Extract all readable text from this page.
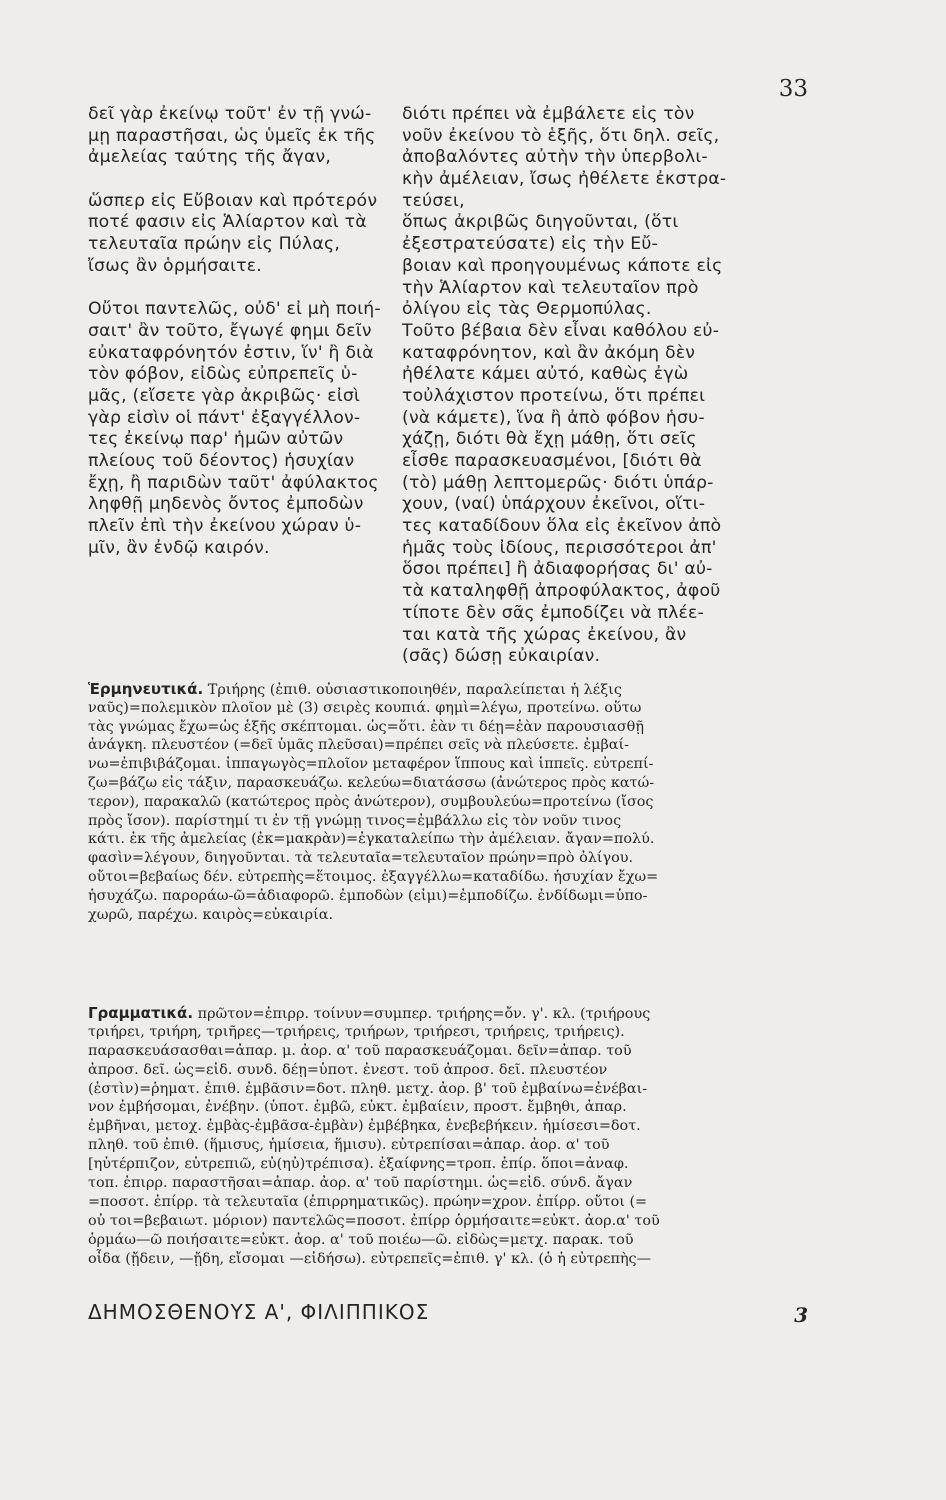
33
δεῖ γὰρ ἐκείνῳ τοῦτ' ἐν τῇ γνώ-
μῃ παραστῆσαι, ὡς ὑμεῖς ἐκ τῆς
ἀμελείας ταύτης τῆς ἄγαν,
ὥσπερ εἰς Εὔβοιαν καὶ πρότερόν
ποτέ φασιν εἰς Ἁλίαρτον καὶ τὰ
τελευταῖα πρώην εἰς Πύλας,
ἴσως ἂν ὁρμήσαιτε.
Οὔτοι παντελῶς, οὐδ' εἰ μὴ ποιή-
σαιτ' ἂν τοῦτο, ἔγωγέ φημι δεῖν
εὐκαταφρόνητόν ἐστιν, ἵν' ἢ διὰ
τὸν φόβον, εἰδὼς εὐπρεπεῖς ὑ-
μᾶς, (εἴσετε γὰρ ἀκριβῶς· εἰσὶ
γὰρ εἰσὶν οἱ πάντ' ἐξαγγέλλον-
τες ἐκείνῳ παρ' ἡμῶν αὐτῶν
πλείους τοῦ δέοντος) ἡσυχίαν
ἔχῃ, ἢ παριδὼν ταῦτ' ἀφύλακτος
ληφθῇ μηδενὸς ὄντος ἐμποδὼν
πλεῖν ἐπὶ τὴν ἐκείνου χώραν ὑ-
μῖν, ἂν ἐνδῷ καιρόν.
διότι πρέπει νὰ ἐμβάλετε εἰς τὸν
νοῦν ἐκείνου τὸ ἑξῆς, ὅτι δηλ. σεῖς,
ἀποβαλόντες αὐτὴν τὴν ὑπερβολι-
κὴν ἀμέλειαν, ἴσως ἠθέλετε ἐκστρα-
τεύσει,
ὅπως ἀκριβῶς διηγοῦνται, (ὅτι
ἐξεστρατεύσατε) εἰς τὴν Εὔ-
βοιαν καὶ προηγουμένως κάποτε εἰς
τὴν Ἁλίαρτον καὶ τελευταῖον πρὸ
ὀλίγου εἰς τὰς Θερμοπύλας.
Τοῦτο βέβαια δὲν εἶναι καθόλου εὐ-
καταφρόνητον, καὶ ἂν ἀκόμη δὲν
ἠθέλατε κάμει αὐτό, καθὼς ἐγὼ
τοὐλάχιστον προτείνω, ὅτι πρέπει
(νὰ κάμετε), ἵνα ἢ ἀπὸ φόβον ἡσυ-
χάζῃ, διότι θὰ ἔχῃ μάθῃ, ὅτι σεῖς
εἶσθε παρασκευασμένοι, [διότι θὰ
(τὸ) μάθῃ λεπτομερῶς· διότι ὑπάρ-
χουν, (ναί) ὑπάρχουν ἐκεῖνοι, οἵτι-
τες καταδίδουν ὅλα εἰς ἐκεῖνον ἀπὸ
ἡμᾶς τοὺς ἰδίους, περισσότεροι ἀπ'
ὅσοι πρέπει] ἢ ἀδιαφορήσας δι' αὐ-
τὰ καταληφθῇ ἀπροφύλακτος, ἀφοῦ
τίποτε δὲν σᾶς ἐμποδίζει νὰ πλέε-
ται κατὰ τῆς χώρας ἐκείνου, ἂν
(σᾶς) δώσῃ εὐκαιρίαν.
Ἑρμηνευτικά. Τριήρης (ἐπιθ. οὐσιαστικοποιηθέν, παραλείπεται ἡ λέξις
ναῦς)=πολεμικὸν πλοῖον μὲ (3) σειρὲς κουπιά. φημὶ=λέγω, προτείνω. οὕτω
τὰς γνώμας ἔχω=ὡς ἑξῆς σκέπτομαι. ὡς=ὅτι. ἐὰν τι δέῃ=ἐὰν παρουσιασθῇ
ἀνάγκη. πλευστέον (=δεῖ ὑμᾶς πλεῦσαι)=πρέπει σεῖς νὰ πλεύσετε. ἐμβαί-
νω=ἐπιβιβάζομαι. ἱππαγωγὸς=πλοῖον μεταφέρον ἵππους καὶ ἱππεῖς. εὐτρεπί-
ζω=βάζω εἰς τάξιν, παρασκευάζω. κελεύω=διατάσσω (ἀνώτερος πρὸς κατώ-
τερον), παρακαλῶ (κατώτερος πρὸς ἀνώτερον), συμβουλεύω=προτείνω (ἴσος
πρὸς ἴσον). παρίστημί τι ἐν τῇ γνώμῃ τινος=ἐμβάλλω εἰς τὸν νοῦν τινος
κάτι. ἐκ τῆς ἀμελείας (ἐκ=μακρὰν)=ἐγκαταλείπω τὴν ἀμέλειαν. ἄγαν=πολύ.
φασὶν=λέγουν, διηγοῦνται. τὰ τελευταῖα=τελευταῖον πρώην=πρὸ ὀλίγου.
οὔτοι=βεβαίως δέν. εὐτρεπὴς=ἕτοιμος. ἐξαγγέλλω=καταδίδω. ἡσυχίαν ἔχω=
ἡσυχάζω. παροράω-ῶ=ἀδιαφορῶ. ἐμποδὼν (εἰμι)=ἐμποδίζω. ἐνδίδωμι=ὑπο-
χωρῶ, παρέχω. καιρὸς=εὐκαιρία.
Γραμματικά. πρῶτον=ἐπιρρ. τοίνυν=συμπερ. τριήρης=ὄν. γ'. κλ. (τριήρους
τριήρει, τριήρη, τριῆρες—τριήρεις, τριήρων, τριήρεσι, τριήρεις, τριήρεις).
παρασκευάσασθαι=ἀπαρ. μ. ἀορ. α' τοῦ παρασκευάζομαι. δεῖν=ἀπαρ. τοῦ
ἀπροσ. δεῖ. ὡς=εἰδ. συνδ. δέῃ=ὑποτ. ἐνεστ. τοῦ ἀπροσ. δεῖ. πλευστέον
(ἐστὶν)=ῥηματ. ἐπιθ. ἐμβᾶσιν=δοτ. πληθ. μετχ. ἀορ. β' τοῦ ἐμβαίνω=ἐνέβαι-
νον ἐμβήσομαι, ἐνέβην. (ὑποτ. ἐμβῶ, εὐκτ. ἐμβαίειν, προστ. ἔμβηθι, ἀπαρ.
ἐμβῆναι, μετοχ. ἐμβὰς-ἐμβᾶσα-ἐμβὰν) ἐμβέβηκα, ἐνεβεβήκειν. ἡμίσεσι=δοτ.
πληθ. τοῦ ἐπιθ. (ἥμισυς, ἡμίσεια, ἥμισυ). εὐτρεπίσαι=ἀπαρ. ἀορ. α' τοῦ
[ηὐτέρπιζον, εὐτρεπιῶ, εὐ(ηὐ)τρέπισα). ἐξαίφνης=τροπ. ἐπίρ. ὅποι=ἀναφ.
τοπ. ἐπιρρ. παραστῆσαι=ἀπαρ. ἀορ. α' τοῦ παρίστημι. ὡς=εἰδ. σύνδ. ἄγαν
=ποσοτ. ἐπίρρ. τὰ τελευταῖα (ἐπιρρηματικῶς). πρώην=χρον. ἐπίρρ. οὔτοι (=
οὐ τοι=βεβαιωτ. μόριον) παντελῶς=ποσοτ. ἐπίρρ ὁρμήσαιτε=εὐκτ. ἀορ.α' τοῦ
ὁρμάω—ῶ ποιήσαιτε=εὐκτ. ἀορ. α' τοῦ ποιέω—ῶ. εἰδὼς=μετχ. παρακ. τοῦ
οἶδα (ᾔδειν, —ᾔδη, εἴσομαι —εἰδήσω). εὐτρεπεῖς=ἐπιθ. γ' κλ. (ὁ ἡ εὐτρεπὴς—
ΔΗΜΟΣΘΕΝΟΥΣ Α', ΦΙΛΙΠΠΙΚΟΣ	3
